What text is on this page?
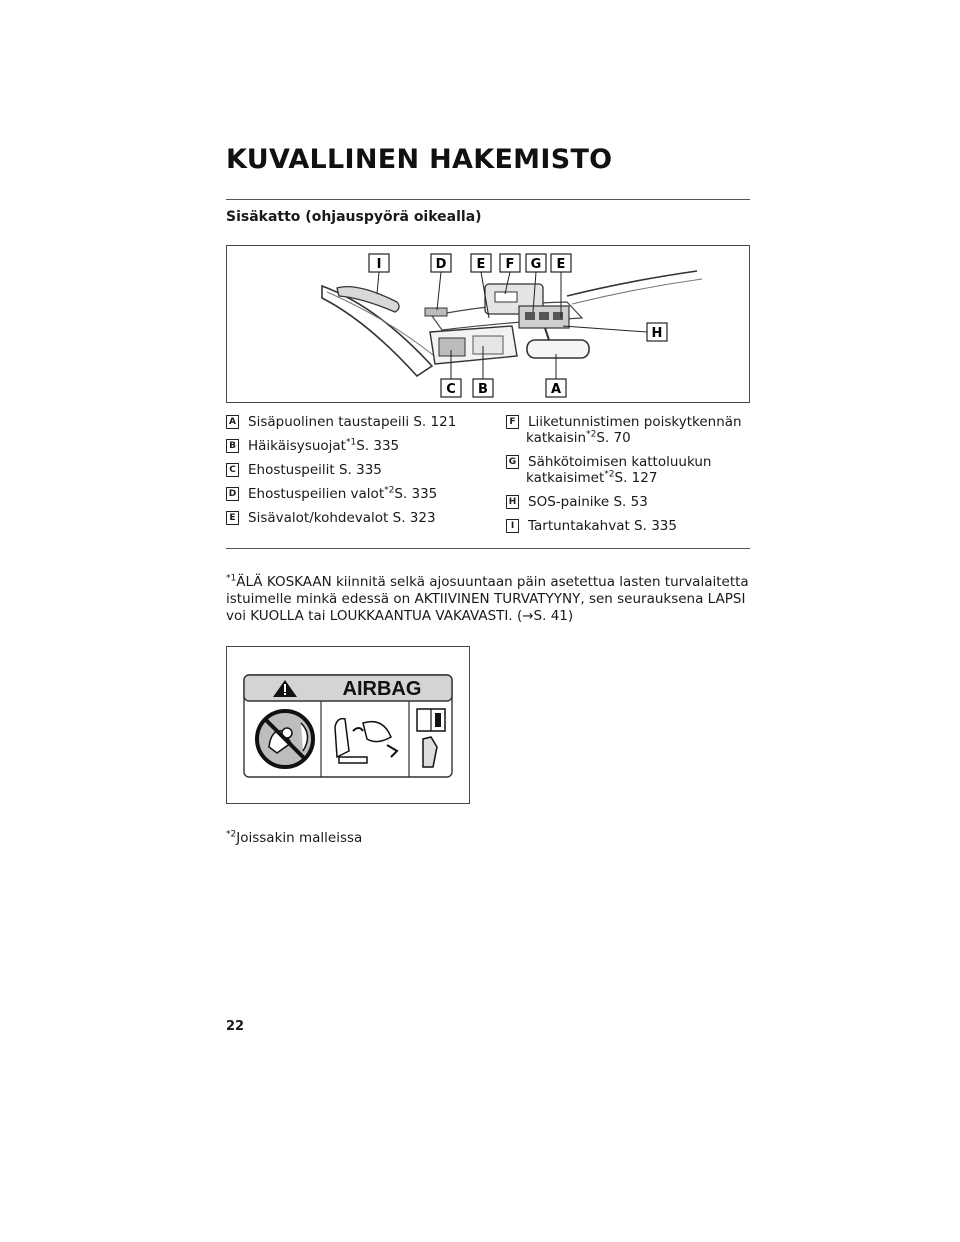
KUVALLINEN HAKEMISTO
Sisäkatto (ohjauspyörä oikealla)
I	D E F G E
H
C B	A
A Sisäpuolinen taustapeili S. 121
B Häikäisysuojat$^{*1}$S. 335
C Ehostuspeilit S. 335
D Ehostuspeilien valot$^{*2}$S. 335
E Sisävalot/kohdevalot S. 323
F Liiketunnistimen poiskytkennän katkaisin$^{*2}$S. 70
G Sähkötoimisen kattoluukun katkaisimet$^{*2}$S. 127
H SOS-painike S. 53
I	Tartuntakahvat S. 335
$^{*1}$ÄLÄ KOSKAAN kiinnitä selkä ajosuuntaan päin asetettua lasten turvalaitetta istuimelle minkä edessä on AKTIIVINEN TURVATYYNY, sen seurauksena LAPSI voi KUOLLA tai LOUKKAANTUA VAKAVASTI. (→S. 41)
AIRBAG
$^{*2}$Joissakin malleissa
22
